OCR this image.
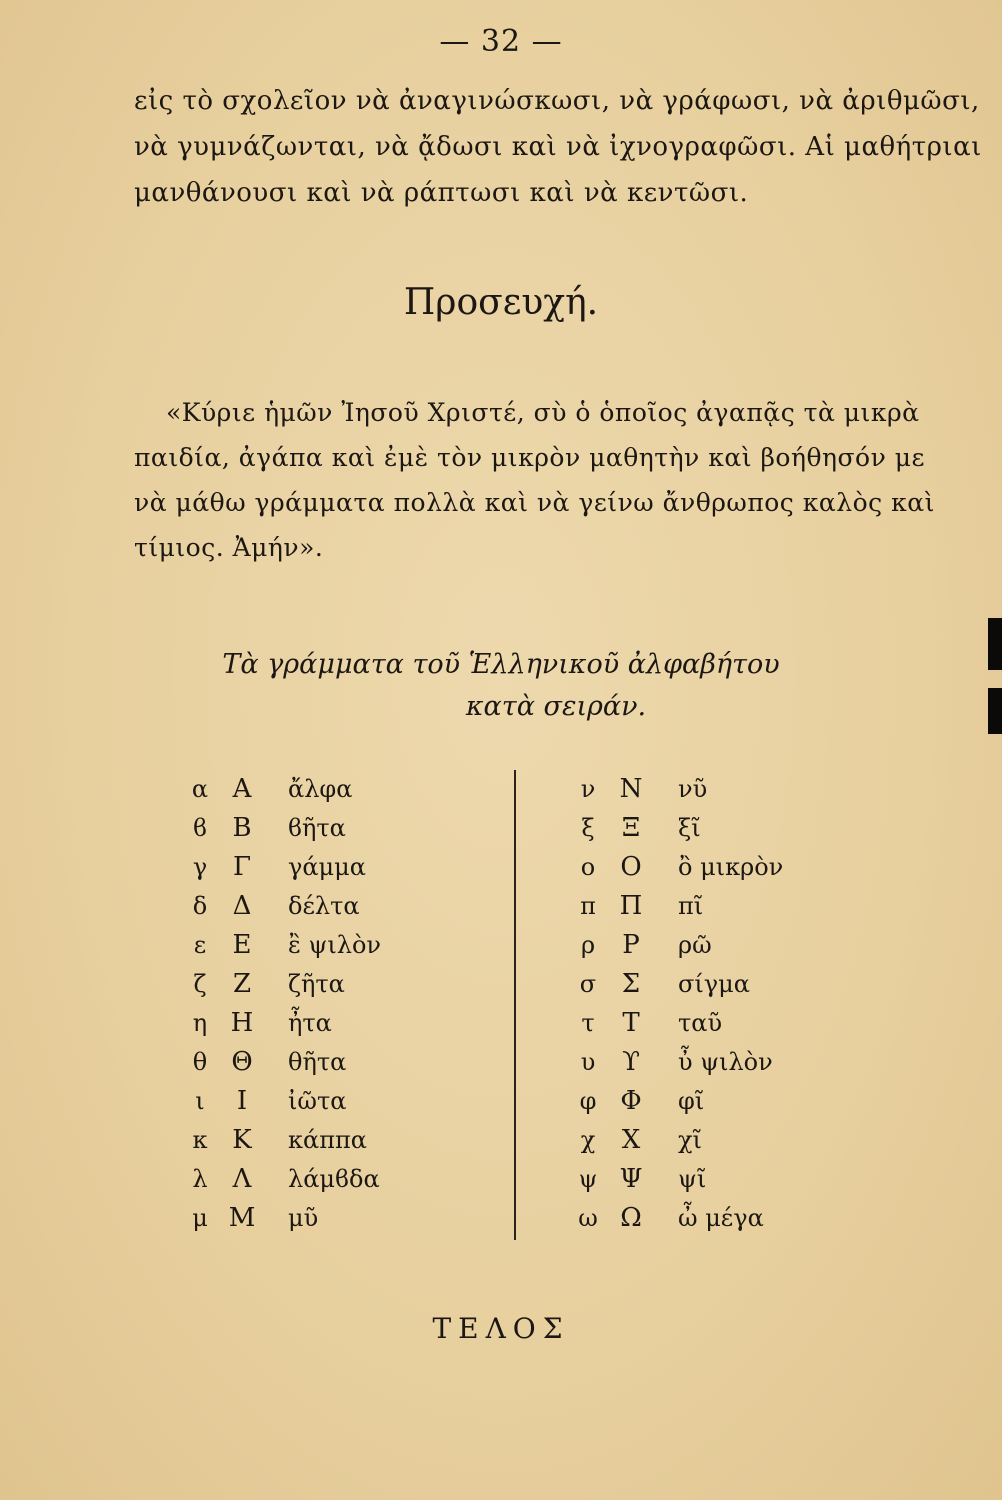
— 32 —
εἰς τὸ σχολεῖον νὰ ἀναγινώσκωσι, νὰ γράφωσι, νὰ ἀριθμῶσι,
νὰ γυμνάζωνται, νὰ ᾄδωσι καὶ νὰ ἰχνογραφῶσι. Αἱ μαθήτριαι
μανθάνουσι καὶ νὰ ράπτωσι καὶ νὰ κεντῶσι.
Προσευχή.
«Κύριε ἡμῶν Ἰησοῦ Χριστέ, σὺ ὁ ὁποῖος ἀγαπᾷς τὰ μικρὰ
παιδία, ἀγάπα καὶ ἐμὲ τὸν μικρὸν μαθητὴν καὶ βοήθησόν με
νὰ μάθω γράμματα πολλὰ καὶ νὰ γείνω ἄνθρωπος καλὸς καὶ
τίμιος. Ἀμήν».
Τὰ γράμματα τοῦ Ἑλληνικοῦ ἀλφαβήτου
κατὰ σειράν.
α Α ἄλφα
ϐ Β ϐῆτα
γ Γ γάμμα
δ Δ δέλτα
ε Ε ἒ ψιλὸν
ζ Ζ ζῆτα
η Η ἦτα
θ Θ θῆτα
ι Ι ἰῶτα
κ Κ κάππα
λ Λ λάμϐδα
μ Μ μῦ
ν Ν νῦ
ξ Ξ ξῖ
ο Ο ὂ μικρὸν
π Π πῖ
ρ Ρ ρῶ
σ Σ σίγμα
τ Τ ταῦ
υ ϒ ὖ ψιλὸν
φ Φ φῖ
χ Χ χῖ
ψ Ψ ψῖ
ω Ω ὦ μέγα
ΤΕΛΟΣ
